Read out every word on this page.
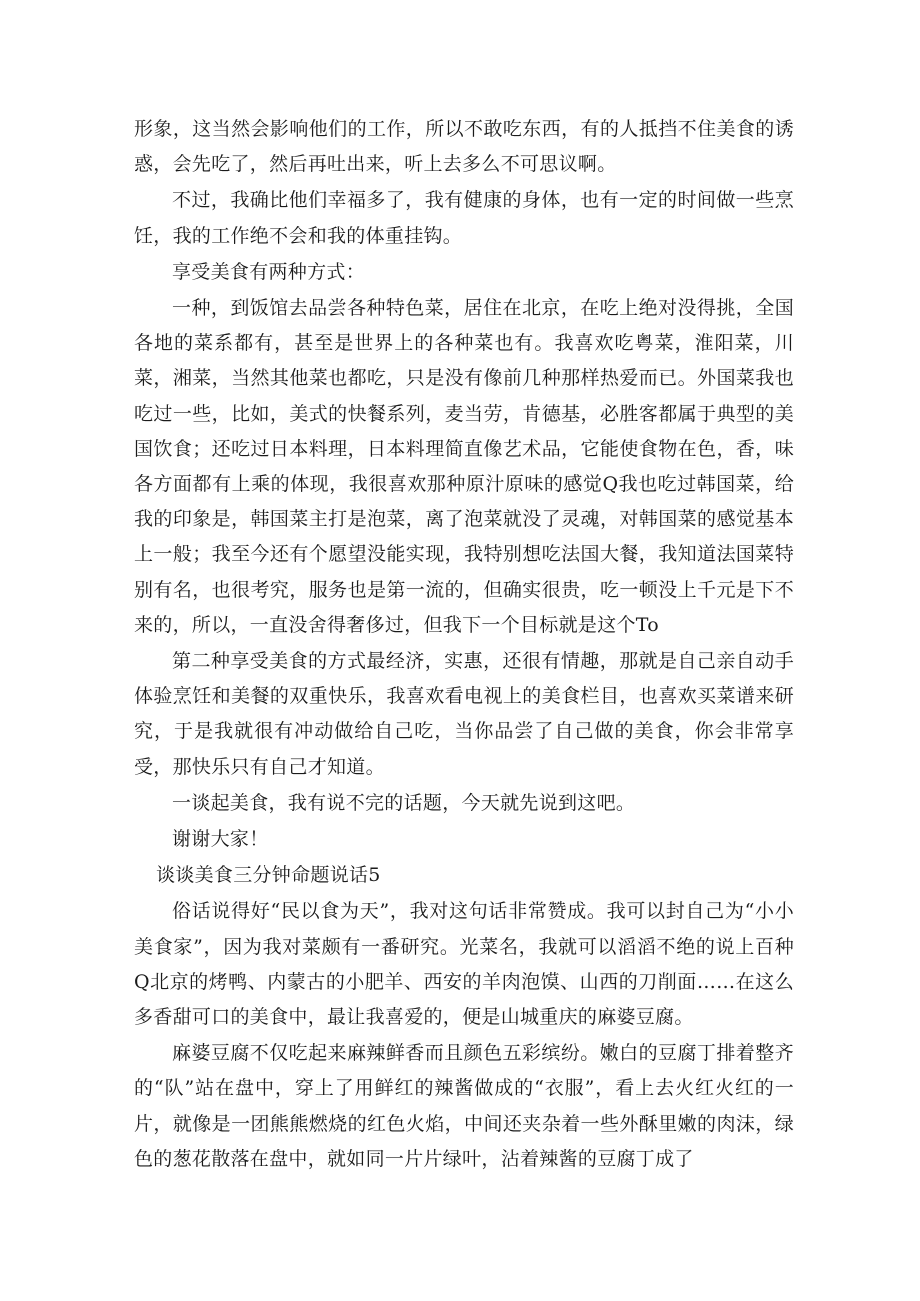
形象，这当然会影响他们的工作，所以不敢吃东西，有的人抵挡不住美食的诱惑，会先吃了，然后再吐出来，听上去多么不可思议啊。

不过，我确比他们幸福多了，我有健康的身体，也有一定的时间做一些烹饪，我的工作绝不会和我的体重挂钩。

享受美食有两种方式：

一种，到饭馆去品尝各种特色菜，居住在北京，在吃上绝对没得挑，全国各地的菜系都有，甚至是世界上的各种菜也有。我喜欢吃粤菜，淮阳菜，川菜，湘菜，当然其他菜也都吃，只是没有像前几种那样热爱而已。外国菜我也吃过一些，比如，美式的快餐系列，麦当劳，肯德基，必胜客都属于典型的美国饮食；还吃过日本料理，日本料理简直像艺术品，它能使食物在色，香，味各方面都有上乘的体现，我很喜欢那种原汁原味的感觉Q我也吃过韩国菜，给我的印象是，韩国菜主打是泡菜，离了泡菜就没了灵魂，对韩国菜的感觉基本上一般；我至今还有个愿望没能实现，我特别想吃法国大餐，我知道法国菜特别有名，也很考究，服务也是第一流的，但确实很贵，吃一顿没上千元是下不来的，所以，一直没舍得奢侈过，但我下一个目标就是这个To

第二种享受美食的方式最经济，实惠，还很有情趣，那就是自己亲自动手体验烹饪和美餐的双重快乐，我喜欢看电视上的美食栏目，也喜欢买菜谱来研究，于是我就很有冲动做给自己吃，当你品尝了自己做的美食，你会非常享受，那快乐只有自己才知道。

一谈起美食，我有说不完的话题，今天就先说到这吧。

谢谢大家！

谈谈美食三分钟命题说话5

俗话说得好“民以食为天”，我对这句话非常赞成。我可以封自己为“小小美食家”，因为我对菜颇有一番研究。光菜名，我就可以滔滔不绝的说上百种Q北京的烤鸭、内蒙古的小肥羊、西安的羊肉泡馍、山西的刀削面……在这么多香甜可口的美食中，最让我喜爱的，便是山城重庆的麻婆豆腐。

麻婆豆腐不仅吃起来麻辣鲜香而且颜色五彩缤纷。嫩白的豆腐丁排着整齐的“队”站在盘中，穿上了用鲜红的辣酱做成的“衣服”，看上去火红火红的一片，就像是一团熊熊燃烧的红色火焰，中间还夹杂着一些外酥里嫩的肉沫，绿色的葱花散落在盘中，就如同一片片绿叶，沾着辣酱的豆腐丁成了
